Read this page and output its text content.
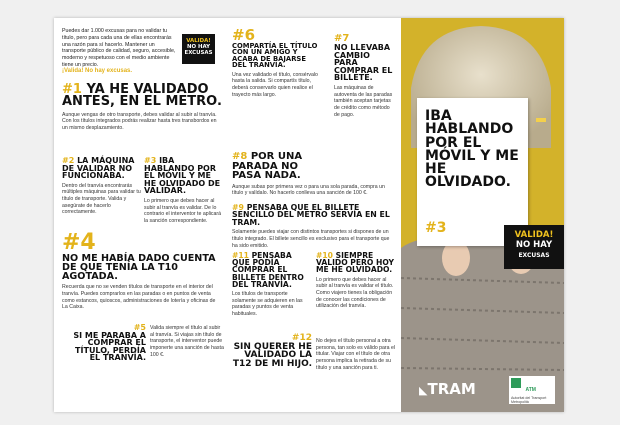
Puedes dar 1.000 excusas para no validar tu título, pero para cada una de ellas encontrarás una razón para sí hacerlo. Mantener un transporte público de calidad, seguro, accesible, moderno y respetuoso con el medio ambiente tiene un precio.
¡Valida! No hay excusas.
VALIDA!
NO HAY
EXCUSAS
#1 YA HE VALIDADO ANTES, EN EL METRO.
Aunque vengas de otro transporte, debes validar al subir al tranvía. Con los títulos integrados podrás realizar hasta tres transbordos en un mismo desplazamiento.
#2 LA MÁQUINA DE VALIDAR NO FUNCIONABA.
Dentro del tranvía encontrarás múltiples máquinas para validar tu título de transporte. Valida y asegúrate de hacerlo correctamente.
#3 IBA HABLANDO POR EL MÓVIL Y ME HE OLVIDADO DE VALIDAR.
Lo primero que debes hacer al subir al tranvía es validar. De lo contrario el interventor te aplicará la sanción correspondiente.
#4
NO ME HABÍA DADO CUENTA DE QUE TENÍA LA T10 AGOTADA.
Recuerda que no se venden títulos de transporte en el interior del tranvía. Puedes comprarlos en las paradas o en puntos de venta como estancos, quioscos, administraciones de lotería y oficinas de La Caixa.
#5
SI ME PARABA A COMPRAR EL TÍTULO, PERDÍA EL TRANVÍA.
Valida siempre el título al subir al tranvía. Si viajas sin título de transporte, el interventor puede imponerte una sanción de hasta 100 €.
#6
COMPARTÍA EL TÍTULO CON UN AMIGO Y ACABA DE BAJARSE DEL TRANVÍA.
Una vez validado el título, consérvalo hasta la salida. Si compartís título, deberá conservarlo quien realice el trayecto más largo.
#7
NO LLEVABA CAMBIO PARA COMPRAR EL BILLETE.
Las máquinas de autoventa de las paradas también aceptan tarjetas de crédito como método de pago.
#8 POR UNA PARADA NO PASA NADA.
Aunque subas por primera vez o para una sola parada, compra un título y valídalo. No hacerlo conlleva una sanción de 100 €.
#9 PENSABA QUE EL BILLETE SENCILLO DEL METRO SERVÍA EN EL TRAM.
Solamente puedes viajar con distintos transportes si dispones de un título integrado. El billete sencillo es exclusivo para el transporte que ha sido emitido.
#11 PENSABA QUE PODÍA COMPRAR EL BILLETE DENTRO DEL TRANVÍA.
Los títulos de transporte solamente se adquieren en las paradas y puntos de venta habituales.
#10 SIEMPRE VALIDO PERO HOY ME HE OLVIDADO.
Lo primero que debes hacer al subir al tranvía es validar el título. Como viajero tienes la obligación de conocer las condiciones de utilización del tranvía.
#12
SIN QUERER HE VALIDADO LA T12 DE MI HIJO.
No dejes el título personal a otra persona, tan solo es válido para el titular. Viajar con el título de otra persona implica la retirada de su título y una sanción para ti.
IBA HABLANDO POR EL MÓVIL Y ME HE OLVIDADO.
#3	VALIDA!
NO HAY
EXCUSAS
◣TRAM	ATM
Autoritat del Transport Metropolità
